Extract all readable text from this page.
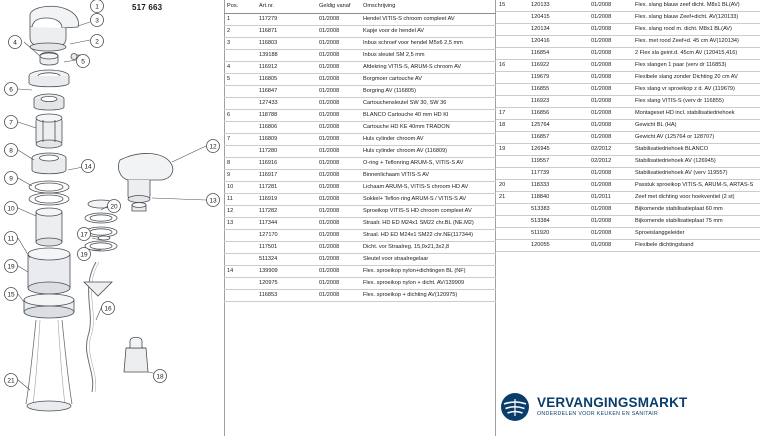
3
2
4
5
6
7
8
9
10
11
19
15
21
12
13
14
20
17
19
16
18
1	517 663	Pos.	Art.nr.	Geldig vanaf	Omschrijving
1	117279	01/2008	Hendel VITIS-S chroom compleet AV
2	116871	01/2008	Kapje voor de hendel AV
3	116803	01/2008	Inbus schroef voor hendel M5x6 2,5 mm
	139188	01/2008	Inbus sleutel SM 2,5 mm
4	116912	01/2008	Afdekring VITIS-S, ARUM-S chroom AV
5	116805	01/2008	Borgmoer cartouche AV
	116847	01/2008	Borgring AV (116805)
	127433	01/2008	Cartouchensleutel SW 30, SW 36
6	118788	01/2008	BLANCO Cartouche 40 mm HD KI
	116806	01/2008	Cartouche HD KE 40mm TRADON
7	116809	01/2008	Huls cylinder chroom AV
	117280	01/2008	Huls cylinder chroom AV (116809)
8	116916	01/2008	O-ring + Teflonring ARUM-S, VITIS-S AV
9	116917	01/2008	Binnenlichaam VITIS-S AV
10	117281	01/2008	Lichaam ARUM-S, VITIS-S chroom HD AV
11	116919	01/2008	Sokkel+ Teflon ring ARUM-S / VITIS-S AV
12	117282	01/2008	Sproeikop VITIS-S HD chroom compleet AV
13	117344	01/2008	Straalr. HD ED M24x1 SM22 chr.BL (NE.M2)
	127170	01/2008	Straal. HD ED M24x1 SM22 chr.NE(117344)
	117501	01/2008	Dicht. vor Straalreg. 15,0x21,3x2,8
	511324	01/2008	Sleutel voor straalregelaar
14	139909	01/2008	Flex. sproeikop nylon+dichtingen BL (NF)
	120975	01/2008	Flex. sproeikop nylon + dicht. AV/139909
	116853	01/2008	Flex. sproeikop + dichting AV(120975)
15	120133	01/2008	Flex. slang blauw zeef dicht. M8x1 BL(AV)
	120415	01/2008	Flex. slang blauw Zeef+dicht. AV(120133)
	120134	01/2008	Flex. slang rood m. dicht. M8x1 BL(AV)
	120416	01/2008	Flex. met rood Zeef+d. 45 cm AV(120134)
	116854	01/2008	2 Flex sla geint.d. 45cm AV (120415,416)
16	116922	01/2008	Flex slangen 1 paar (verv dr 116853)
	119679	01/2008	Flexibele slang zonder Dichting 20 cm AV
	116855	01/2008	Flex slang vr sproeikop z d. AV (119679)
	116923	01/2008	Flex slang VITIS-S (verv dr 116855)
17	116856	01/2008	Montageset HD incl. stabilisatiedriehoek
18	125764	01/2008	Gewicht BL (HA)
	116857	01/2008	Gewicht AV (125764 or 128707)
19	126945	02/2012	Stabilisatiedriehoek BLANCO
	119557	02/2012	Stabilisatiedriehoek AV (126945)
	117739	01/2008	Stabilisatiedriehoek AV (verv 119557)
20	118333	01/2008	Passtuk sproeikop VITIS-S, ARUM-S, ARTAS-S
21	118840	01/2011	Zeef met dichting voor hoekventiel (2 st)
	513383	01/2008	Bijkomende stabilisatieplaat 60 mm
	513384	01/2008	Bijkomende stabilisatieplaat 75 mm
	511920	01/2008	Sproeislanggeleider
	120055	01/2008	Flexibele dichtingsband
VERVANGINGSMARKT
ONDERDELEN VOOR KEUKEN EN SANITAIR
